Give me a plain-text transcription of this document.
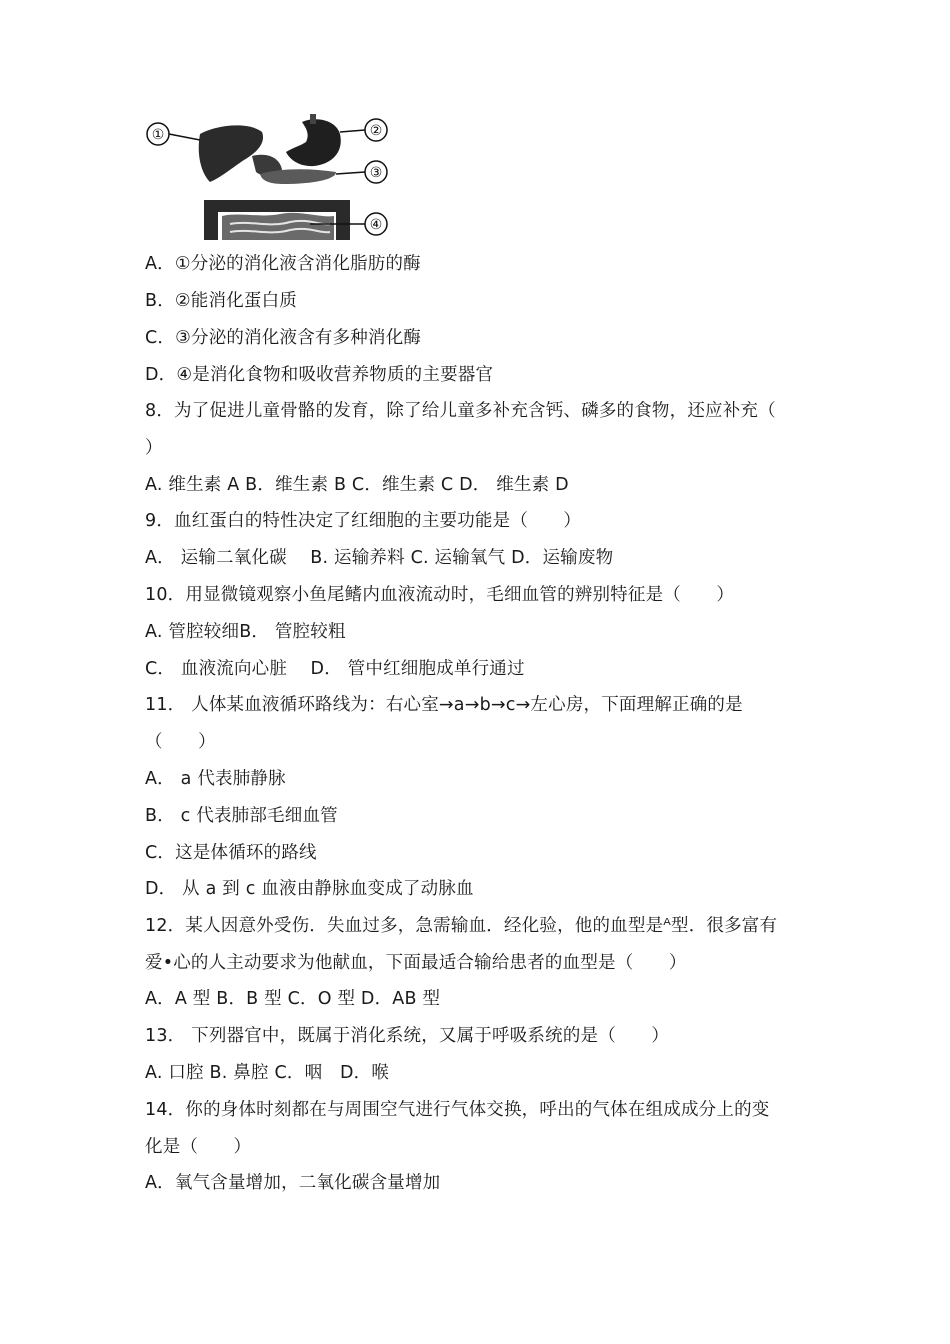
①	②
③
④
A．①分泌的消化液含消化脂肪的酶
B．②能消化蛋白质
C．③分泌的消化液含有多种消化酶
D．④是消化食物和吸收营养物质的主要器官
8．为了促进儿童骨骼的发育，除了给儿童多补充含钙、磷多的食物，还应补充（
）
A. 维生素 A B．维生素 B C．维生素 C D． 维生素 D
9．血红蛋白的特性决定了红细胞的主要功能是（　　）
A． 运输二氧化碳　 B. 运输养料 C. 运输氧气 D．运输废物
10．用显微镜观察小鱼尾鳍内血液流动时，毛细血管的辨别特征是（　　）
A. 管腔较细B． 管腔较粗
C． 血液流向心脏　 D． 管中红细胞成单行通过
11． 人体某血液循环路线为：右心室→a→b→c→左心房，下面理解正确的是
（　　）
A． a 代表肺静脉
B． c 代表肺部毛细血管
C．这是体循环的路线
D． 从 a 到 c 血液由静脉血变成了动脉血
12．某人因意外受伤．失血过多，急需输血．经化验，他的血型是ᴬ型．很多富有
爱•心的人主动要求为他献血，下面最适合输给患者的血型是（　　）
A．A 型 B．B 型 C．O 型 D．AB 型
13． 下列器官中，既属于消化系统，又属于呼吸系统的是（　　）
A. 口腔 B. 鼻腔 C．咽　D．喉
14．你的身体时刻都在与周围空气进行气体交换，呼出的气体在组成成分上的变
化是（　　）
A．氧气含量增加，二氧化碳含量增加
